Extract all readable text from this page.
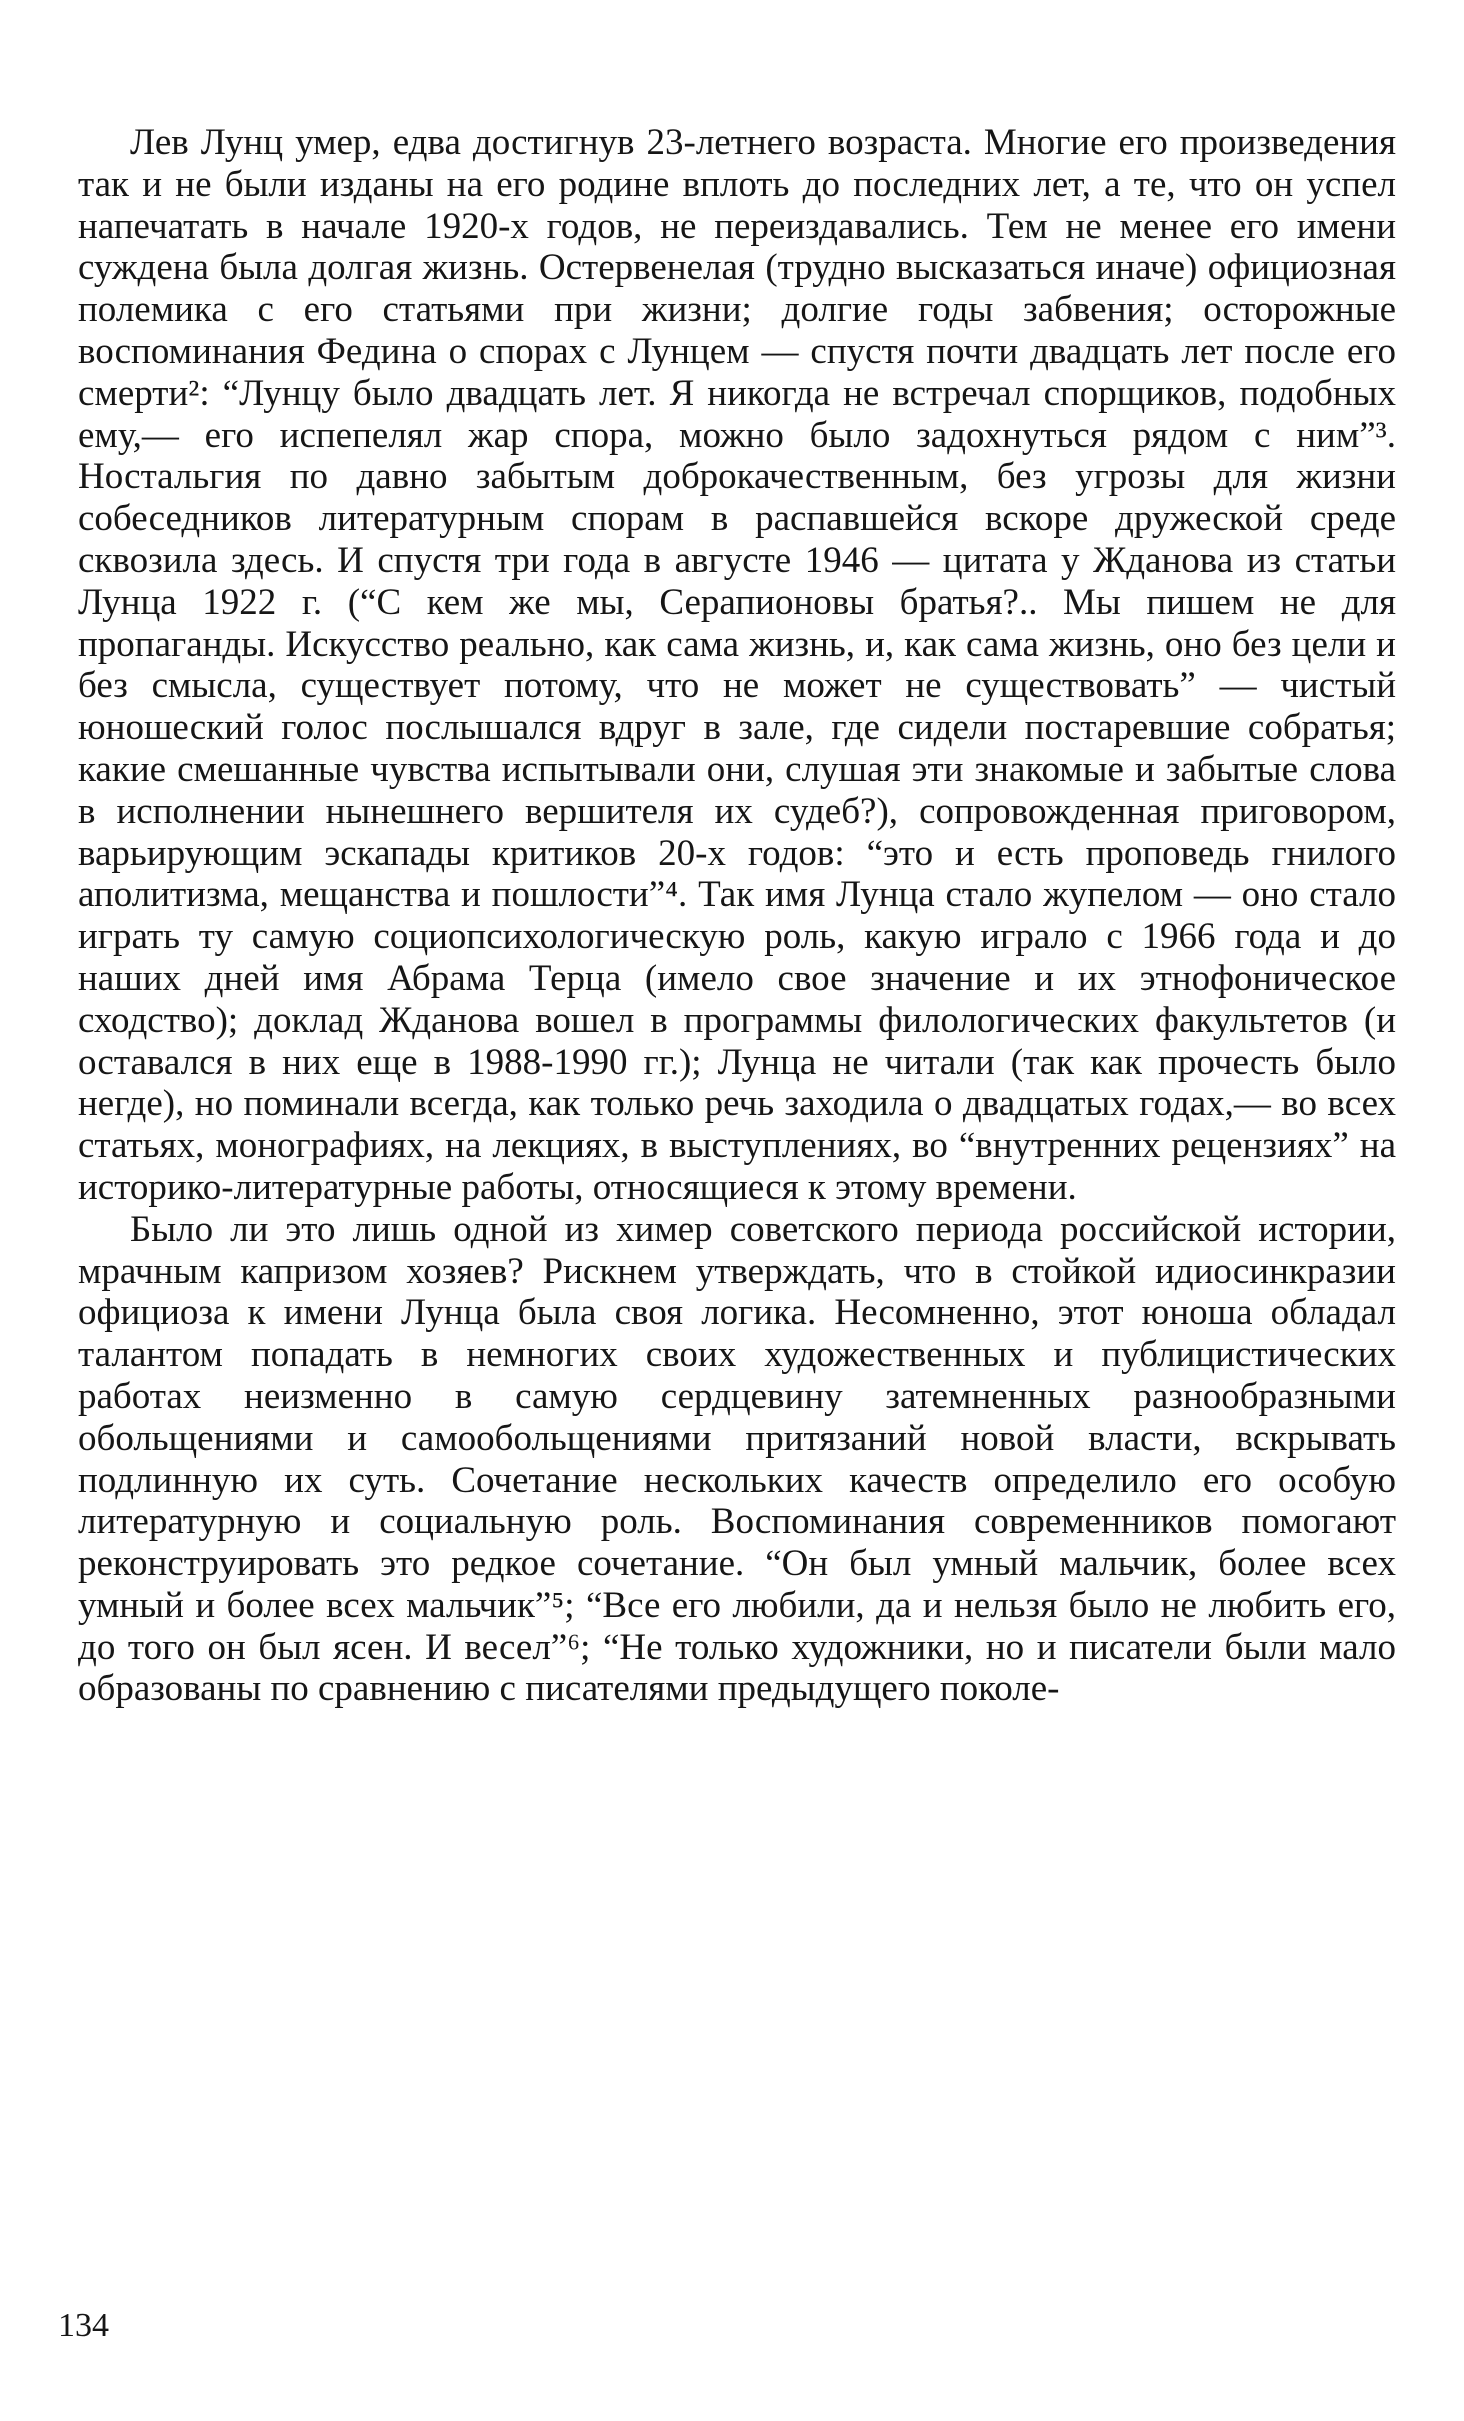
Лев Лунц умер, едва достигнув 23-летнего возраста. Многие его произведения так и не были изданы на его родине вплоть до последних лет, а те, что он успел напечатать в начале 1920-х годов, не переиздавались. Тем не менее его имени суждена была долгая жизнь. Остервенелая (трудно высказаться иначе) официозная полемика с его статьями при жизни; долгие годы забвения; осторожные воспоминания Федина о спорах с Лунцем — спустя почти двадцать лет после его смерти²: “Лунцу было двадцать лет. Я никогда не встречал спорщиков, подобных ему,— его испепелял жар спора, можно было задохнуться рядом с ним”³. Ностальгия по давно забытым доброкачественным, без угрозы для жизни собеседников литературным спорам в распавшейся вскоре дружеской среде сквозила здесь. И спустя три года в августе 1946 — цитата у Жданова из статьи Лунца 1922 г. (“С кем же мы, Серапионовы братья?.. Мы пишем не для пропаганды. Искусство реально, как сама жизнь, и, как сама жизнь, оно без цели и без смысла, существует потому, что не может не существовать” — чистый юношеский голос послышался вдруг в зале, где сидели постаревшие собратья; какие смешанные чувства испытывали они, слушая эти знакомые и забытые слова в исполнении нынешнего вершителя их судеб?), сопровожденная приговором, варьирующим эскапады критиков 20-х годов: “это и есть проповедь гнилого аполитизма, мещанства и пошлости”⁴. Так имя Лунца стало жупелом — оно стало играть ту самую социопсихологическую роль, какую играло с 1966 года и до наших дней имя Абрама Терца (имело свое значение и их этнофоническое сходство); доклад Жданова вошел в программы филологических факультетов (и оставался в них еще в 1988-1990 гг.); Лунца не читали (так как прочесть было негде), но поминали всегда, как только речь заходила о двадцатых годах,— во всех статьях, монографиях, на лекциях, в выступлениях, во “внутренних рецензиях” на историко-литературные работы, относящиеся к этому времени.

Было ли это лишь одной из химер советского периода российской истории, мрачным капризом хозяев? Рискнем утверждать, что в стойкой идиосинкразии официоза к имени Лунца была своя логика. Несомненно, этот юноша обладал талантом попадать в немногих своих художественных и публицистических работах неизменно в самую сердцевину затемненных разнообразными обольщениями и самообольщениями притязаний новой власти, вскрывать подлинную их суть. Сочетание нескольких качеств определило его особую литературную и социальную роль. Воспоминания современников помогают реконструировать это редкое сочетание. “Он был умный мальчик, более всех умный и более всех мальчик”⁵; “Все его любили, да и нельзя было не любить его, до того он был ясен. И весел”⁶; “Не только художники, но и писатели были мало образованы по сравнению с писателями предыдущего поколе-

134
